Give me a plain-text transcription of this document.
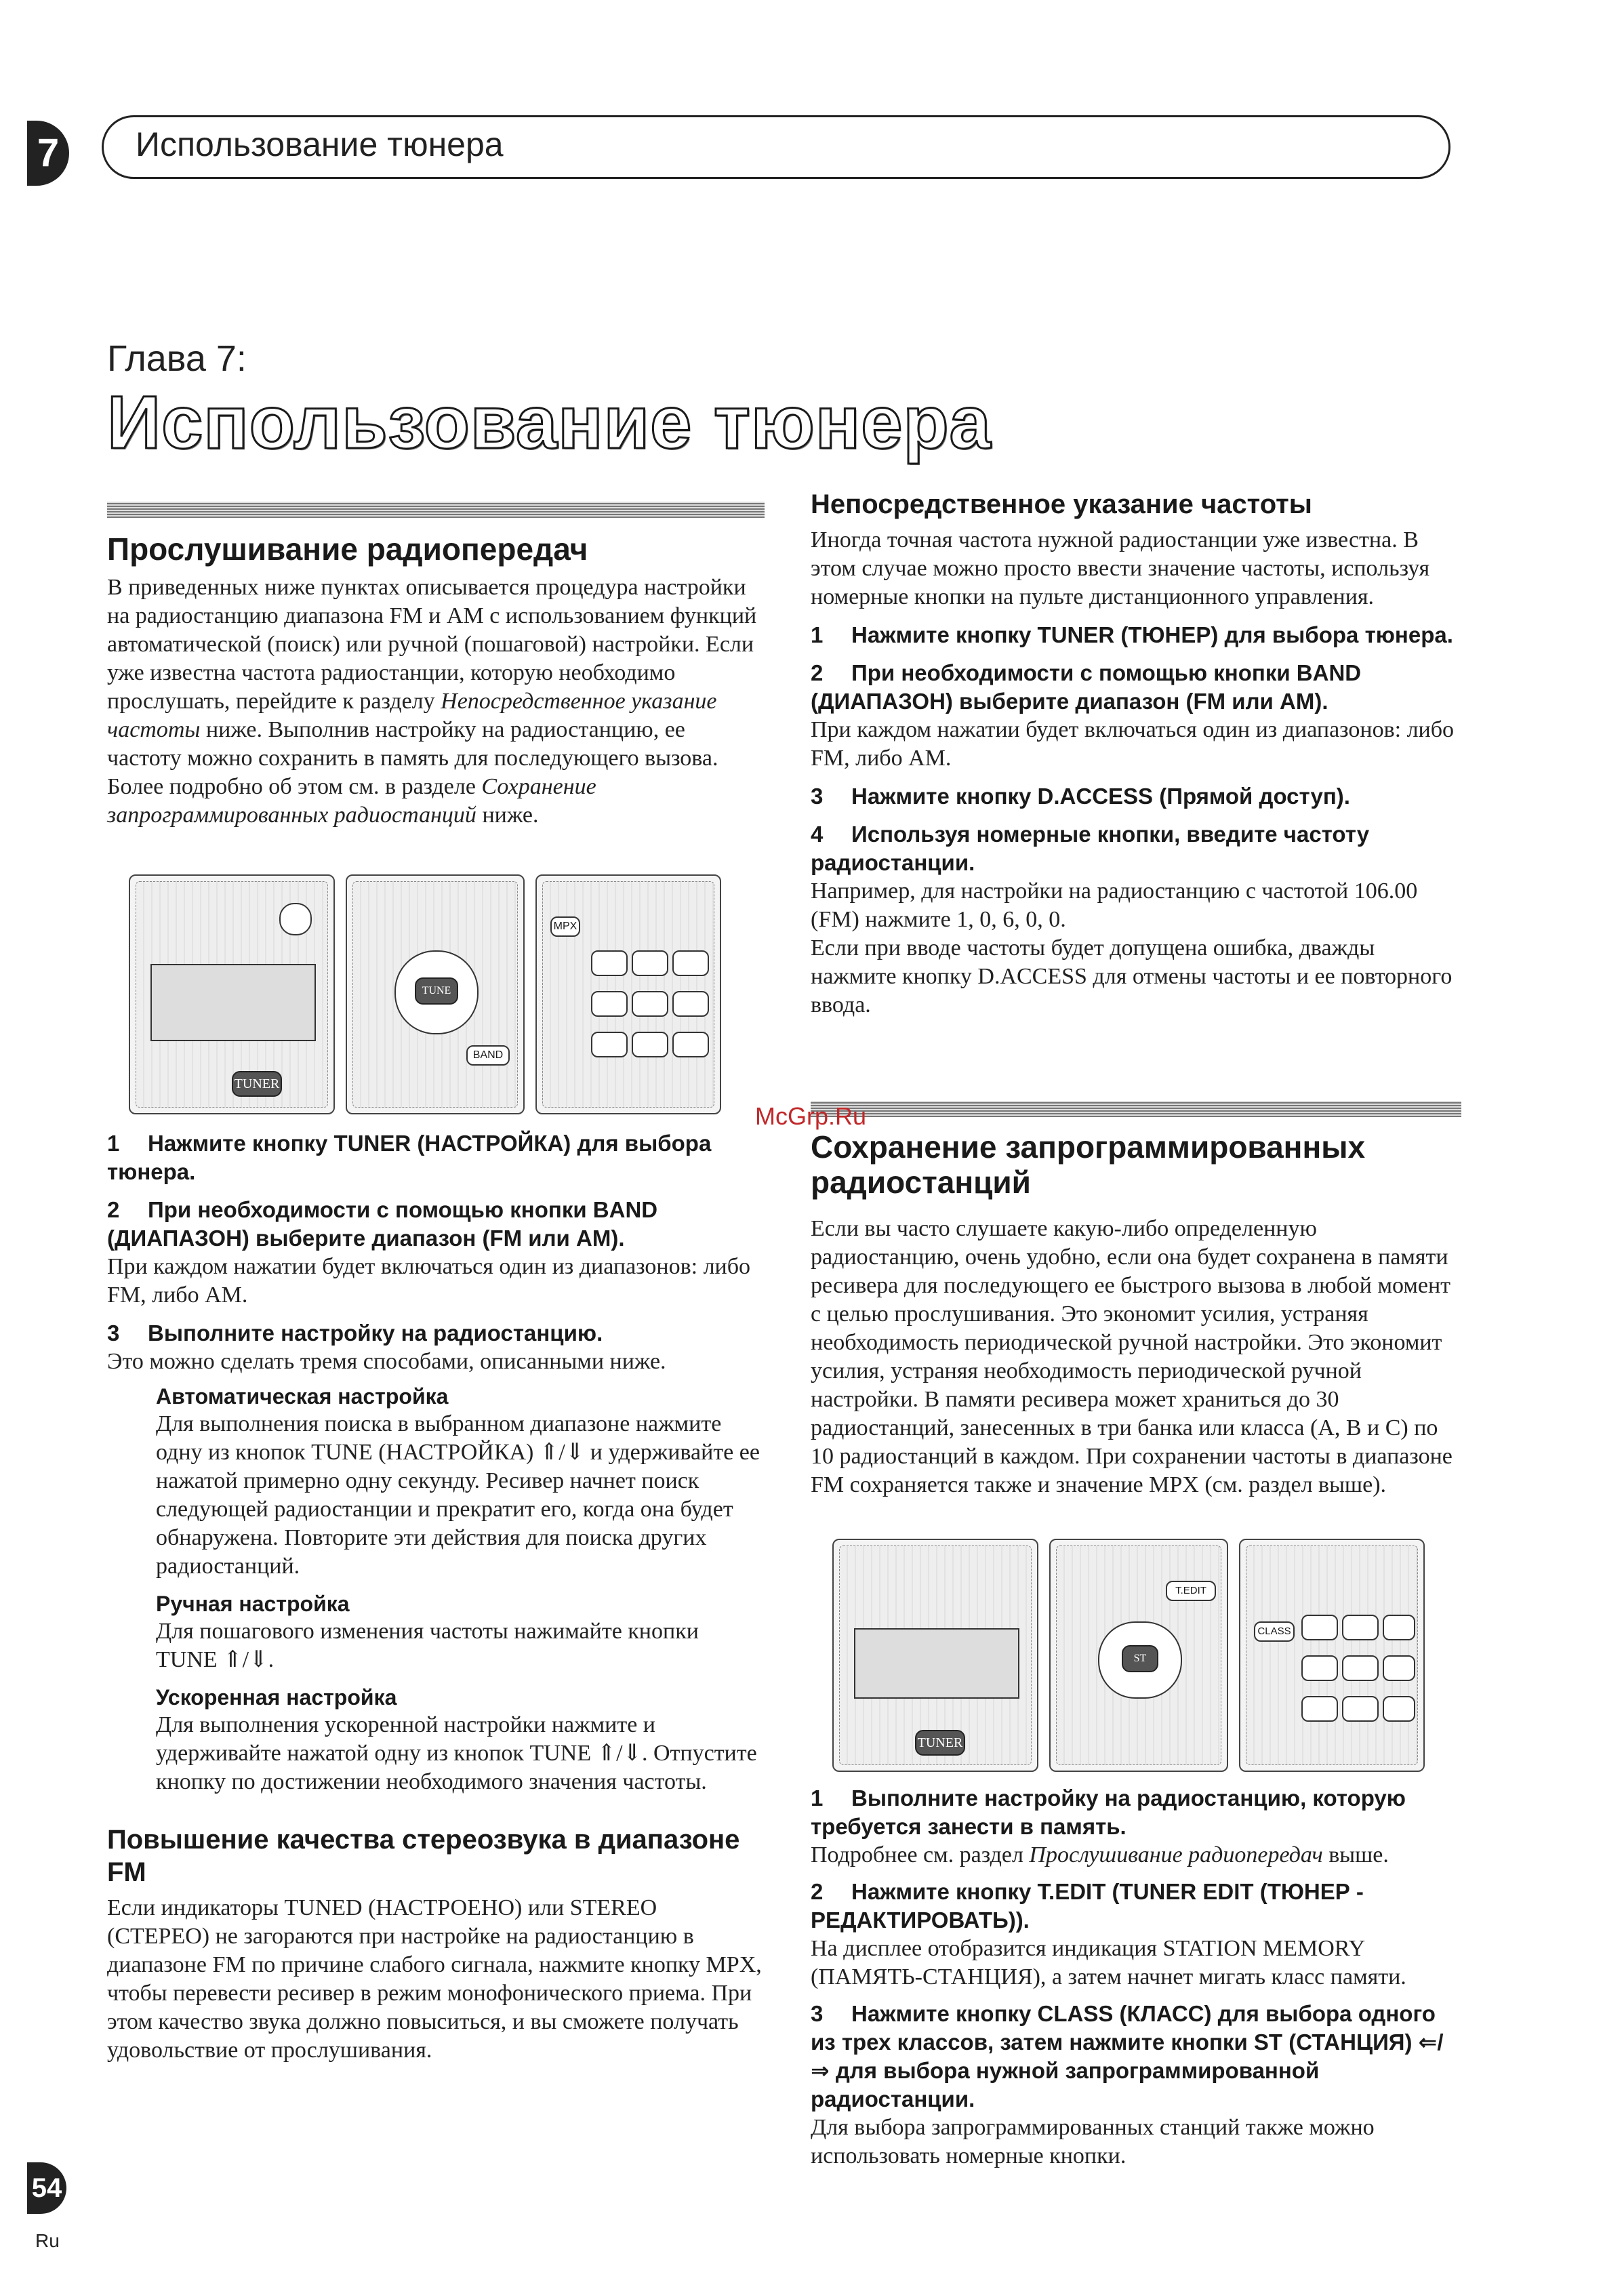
7 Использование тюнера
Глава 7:
Использование тюнера
Прослушивание радиопередач

В приведенных ниже пунктах описывается процедура настройки на радиостанцию диапазона FM и AM с использованием функций автоматической (поиск) или ручной (пошаговой) настройки. Если уже известна частота радиостанции, которую необходимо прослушать, перейдите к разделу Непосредственное указание частоты ниже. Выполнив настройку на радиостанцию, ее частоту можно сохранить в память для последующего вызова. Более подробно об этом см. в разделе Сохранение запрограммированных радиостанций ниже.

TUNER
TUNE
BAND
MPX

1 Нажмите кнопку TUNER (НАСТРОЙКА) для выбора тюнера.

2 При необходимости с помощью кнопки BAND (ДИАПАЗОН) выберите диапазон (FM или AM).

При каждом нажатии будет включаться один из диапазонов: либо FM, либо AM.

3 Выполните настройку на радиостанцию.

Это можно сделать тремя способами, описанными ниже.

Автоматическая настройка

Для выполнения поиска в выбранном диапазоне нажмите одну из кнопок TUNE (НАСТРОЙКА) ⇑/⇓ и удерживайте ее нажатой примерно одну секунду. Ресивер начнет поиск следующей радиостанции и прекратит его, когда она будет обнаружена. Повторите эти действия для поиска других радиостанций.

Ручная настройка

Для пошагового изменения частоты нажимайте кнопки TUNE ⇑/⇓.

Ускоренная настройка

Для выполнения ускоренной настройки нажмите и удерживайте нажатой одну из кнопок TUNE ⇑/⇓. Отпустите кнопку по достижении необходимого значения частоты.

Повышение качества стереозвука в диапазоне FM

Если индикаторы TUNED (НАСТРОЕНО) или STEREO (СТЕРЕО) не загораются при настройке на радиостанцию в диапазоне FM по причине слабого сигнала, нажмите кнопку MPX, чтобы перевести ресивер в режим монофонического приема. При этом качество звука должно повыситься, и вы сможете получать удовольствие от прослушивания.

Непосредственное указание частоты

Иногда точная частота нужной радиостанции уже известна. В этом случае можно просто ввести значение частоты, используя номерные кнопки на пульте дистанционного управления.

1 Нажмите кнопку TUNER (ТЮНЕР) для выбора тюнера.

2 При необходимости с помощью кнопки BAND (ДИАПАЗОН) выберите диапазон (FM или AM).

При каждом нажатии будет включаться один из диапазонов: либо FM, либо AM.

3 Нажмите кнопку D.ACCESS (Прямой доступ).

4 Используя номерные кнопки, введите частоту радиостанции.

Например, для настройки на радиостанцию с частотой 106.00 (FM) нажмите 1, 0, 6, 0, 0.

Если при вводе частоты будет допущена ошибка, дважды нажмите кнопку D.ACCESS для отмены частоты и ее повторного ввода.

McGrp.Ru
Сохранение запрограммированных радиостанций

Если вы часто слушаете какую-либо определенную радиостанцию, очень удобно, если она будет сохранена в памяти ресивера для последующего ее быстрого вызова в любой момент с целью прослушивания. Это экономит усилия, устраняя необходимость периодической ручной настройки. Это экономит усилия, устраняя необходимость периодической ручной настройки. В памяти ресивера может храниться до 30 радиостанций, занесенных в три банка или класса (A, B и C) по 10 радиостанций в каждом. При сохранении частоты в диапазоне FM сохраняется также и значение MPX (см. раздел выше).

TUNER
ST
T.EDIT
CLASS

1 Выполните настройку на радиостанцию, которую требуется занести в память.

Подробнее см. раздел Прослушивание радиопередач выше.

2 Нажмите кнопку T.EDIT (TUNER EDIT (ТЮНЕР - РЕДАКТИРОВАТЬ)).

На дисплее отобразится индикация STATION MEMORY (ПАМЯТЬ-СТАНЦИЯ), а затем начнет мигать класс памяти.

3 Нажмите кнопку CLASS (КЛАСС) для выбора одного из трех классов, затем нажмите кнопки ST (СТАНЦИЯ) ⇐/⇒ для выбора нужной запрограммированной радиостанции.

Для выбора запрограммированных станций также можно использовать номерные кнопки.

54
Ru
